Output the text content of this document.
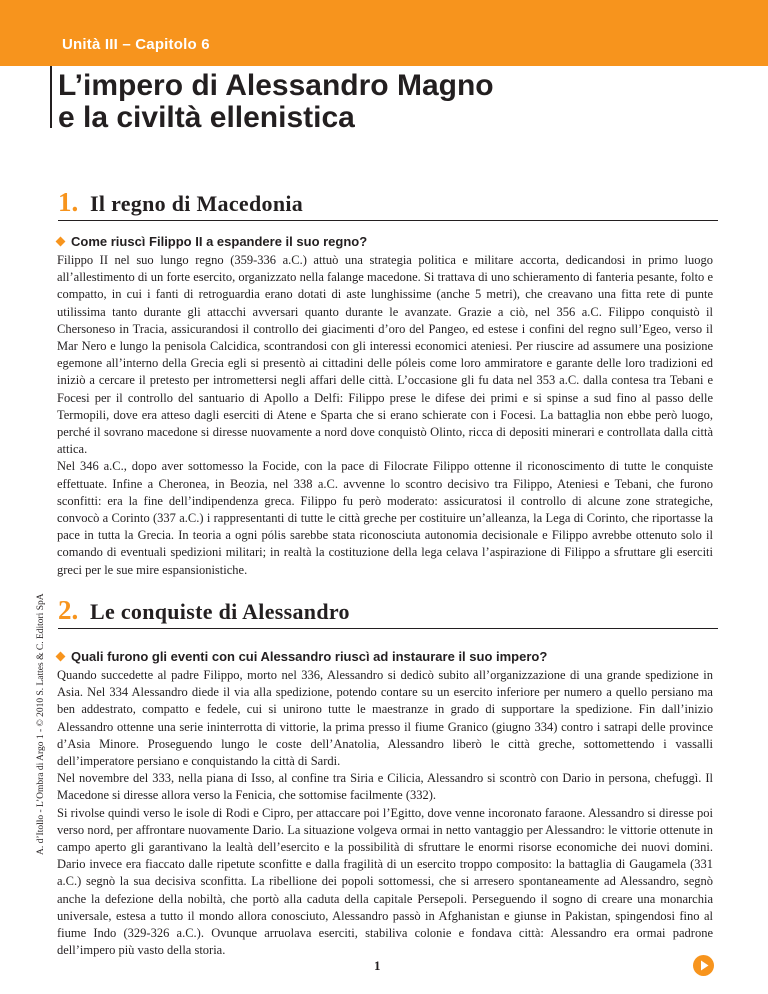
Unità III – Capitolo 6
L’impero di Alessandro Magno
e la civiltà ellenistica
1. Il regno di Macedonia
Come riuscì Filippo II a espandere il suo regno?

Filippo II nel suo lungo regno (359-336 a.C.) attuò una strategia politica e militare accorta, dedicandosi in primo luogo all’allestimento di un forte esercito, organizzato nella falange macedone. Si trattava di uno schieramento di fanteria pesante, folto e compatto, in cui i fanti di retroguardia erano dotati di aste lunghissime (anche 5 metri), che creavano una fitta rete di punte utilissima tanto durante gli attacchi avversari quanto durante le avanzate. Grazie a ciò, nel 356 a.C. Filippo conquistò il Chersoneso in Tracia, assicurandosi il controllo dei giacimenti d’oro del Pangeo, ed estese i confini del regno sull’Egeo, verso il Mar Nero e lungo la penisola Calcidica, scontrandosi con gli interessi economici ateniesi. Per riuscire ad assumere una posizione egemone all’interno della Grecia egli si presentò ai cittadini delle póleis come loro ammiratore e garante delle loro tradizioni ed iniziò a cercare il pretesto per intromettersi negli affari delle città. L’occasione gli fu data nel 353 a.C. dalla contesa tra Tebani e Focesi per il controllo del santuario di Apollo a Delfi: Filippo prese le difese dei primi e si spinse a sud fino al passo delle Termopili, dove era atteso dagli eserciti di Atene e Sparta che si erano schierate con i Focesi. La battaglia non ebbe però luogo, perché il sovrano macedone si diresse nuovamente a nord dove conquistò Olinto, ricca di depositi minerari e controllata dalla città attica.

Nel 346 a.C., dopo aver sottomesso la Focide, con la pace di Filocrate Filippo ottenne il riconoscimento di tutte le conquiste effettuate. Infine a Cheronea, in Beozia, nel 338 a.C. avvenne lo scontro decisivo tra Filippo, Ateniesi e Tebani, che furono sconfitti: era la fine dell’indipendenza greca. Filippo fu però moderato: assicuratosi il controllo di alcune zone strategiche, convocò a Corinto (337 a.C.) i rappresentanti di tutte le città greche per costituire un’alleanza, la Lega di Corinto, che riportasse la pace in tutta la Grecia. In teoria a ogni pólis sarebbe stata riconosciuta autonomia decisionale e Filippo avrebbe ottenuto solo il comando di eventuali spedizioni militari; in realtà la costituzione della lega celava l’aspirazione di Filippo a sfruttare gli eserciti greci per le sue mire espansionistiche.

2. Le conquiste di Alessandro
Quali furono gli eventi con cui Alessandro riuscì ad instaurare il suo impero?

Quando succedette al padre Filippo, morto nel 336, Alessandro si dedicò subito all’organizzazione di una grande spedizione in Asia. Nel 334 Alessandro diede il via alla spedizione, potendo contare su un esercito inferiore per numero a quello persiano ma ben addestrato, compatto e fedele, cui si unirono tutte le maestranze in grado di supportare la spedizione. Fin dall’inizio Alessandro ottenne una serie ininterrotta di vittorie, la prima presso il fiume Granico (giugno 334) contro i satrapi delle province d’Asia Minore. Proseguendo lungo le coste dell’Anatolia, Alessandro liberò le città greche, sottomettendo i vassalli dell’imperatore persiano e conquistando la città di Sardi.

Nel novembre del 333, nella piana di Isso, al confine tra Siria e Cilicia, Alessandro si scontrò con Dario in persona, chefuggì. Il Macedone si diresse allora verso la Fenicia, che sottomise facilmente (332).

Si rivolse quindi verso le isole di Rodi e Cipro, per attaccare poi l’Egitto, dove venne incoronato faraone. Alessandro si diresse poi verso nord, per affrontare nuovamente Dario. La situazione volgeva ormai in netto vantaggio per Alessandro: le vittorie ottenute in campo aperto gli garantivano la lealtà dell’esercito e la possibilità di sfruttare le enormi risorse economiche dei nuovi domini. Dario invece era fiaccato dalle ripetute sconfitte e dalla fragilità di un esercito troppo composito: la battaglia di Gaugamela (331 a.C.) segnò la sua decisiva sconfitta. La ribellione dei popoli sottomessi, che si arresero spontaneamente ad Alessandro, segnò anche la defezione della nobiltà, che portò alla caduta della capitale Persepoli. Perseguendo il sogno di creare una monarchia universale, estesa a tutto il mondo allora conosciuto, Alessandro passò in Afghanistan e giunse in Pakistan, spingendosi fino al fiume Indo (329-326 a.C.). Ovunque arruolava eserciti, stabiliva colonie e fondava città: Alessandro era ormai padrone dell’impero più vasto della storia.

A. d’Itollo - L’Ombra di Argo 1 - © 2010 S. Lattes & C. Editori SpA
1
